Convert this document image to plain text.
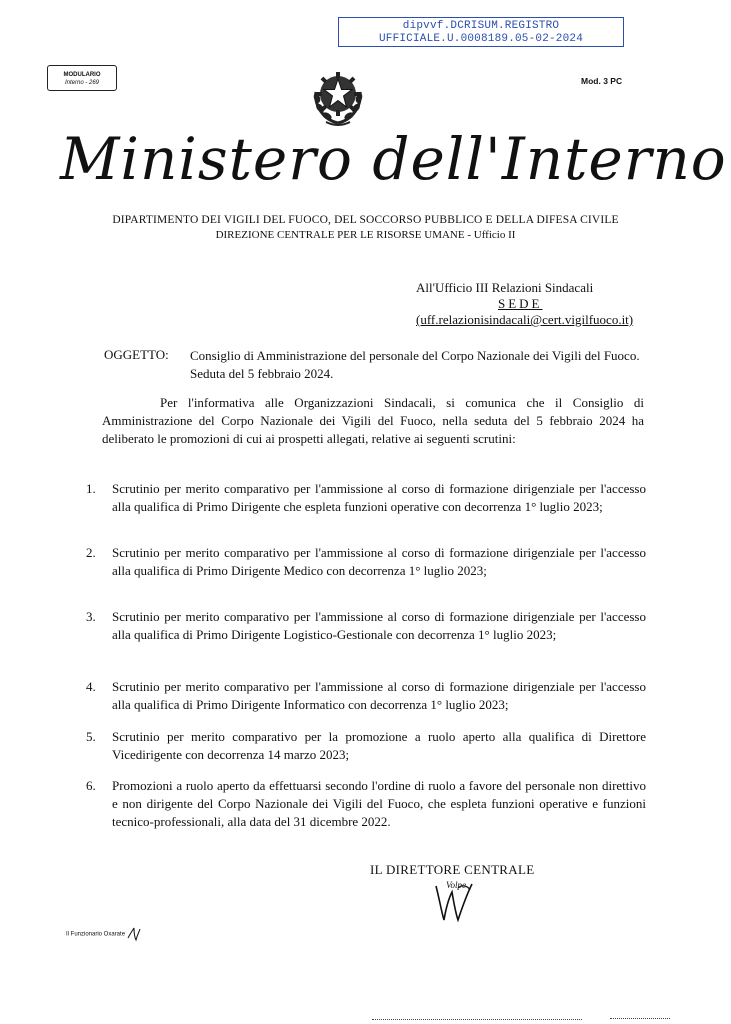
dipvvf.DCRISUM.REGISTRO
UFFICIALE.U.0008189.05-02-2024
MODULARIO
Interno - 269	Mod. 3 PC
Ministero dell'Interno
DIPARTIMENTO DEI VIGILI DEL FUOCO, DEL SOCCORSO PUBBLICO E DELLA DIFESA CIVILE
DIREZIONE CENTRALE PER LE RISORSE UMANE - Ufficio II
All'Ufficio III Relazioni Sindacali
SEDE
(uff.relazionisindacali@cert.vigilfuoco.it)
OGGETTO: Consiglio di Amministrazione del personale del Corpo Nazionale dei Vigili del Fuoco. Seduta del 5 febbraio 2024.
Per l'informativa alle Organizzazioni Sindacali, si comunica che il Consiglio di Amministrazione del Corpo Nazionale dei Vigili del Fuoco, nella seduta del 5 febbraio 2024 ha deliberato le promozioni di cui ai prospetti allegati, relative ai seguenti scrutini:
1. Scrutinio per merito comparativo per l'ammissione al corso di formazione dirigenziale per l'accesso alla qualifica di Primo Dirigente che espleta funzioni operative con decorrenza 1° luglio 2023;
2. Scrutinio per merito comparativo per l'ammissione al corso di formazione dirigenziale per l'accesso alla qualifica di Primo Dirigente Medico con decorrenza 1° luglio 2023;
3. Scrutinio per merito comparativo per l'ammissione al corso di formazione dirigenziale per l'accesso alla qualifica di Primo Dirigente Logistico-Gestionale con decorrenza 1° luglio 2023;
4. Scrutinio per merito comparativo per l'ammissione al corso di formazione dirigenziale per l'accesso alla qualifica di Primo Dirigente Informatico con decorrenza 1° luglio 2023;
5. Scrutinio per merito comparativo per la promozione a ruolo aperto alla qualifica di Direttore Vicedirigente con decorrenza 14 marzo 2023;
6. Promozioni a ruolo aperto da effettuarsi secondo l'ordine di ruolo a favore del personale non direttivo e non dirigente del Corpo Nazionale dei Vigili del Fuoco, che espleta funzioni operative e funzioni tecnico-professionali, alla data del 31 dicembre 2022.
IL DIRETTORE CENTRALE
Volpe
Il Funzionario Oxarate
